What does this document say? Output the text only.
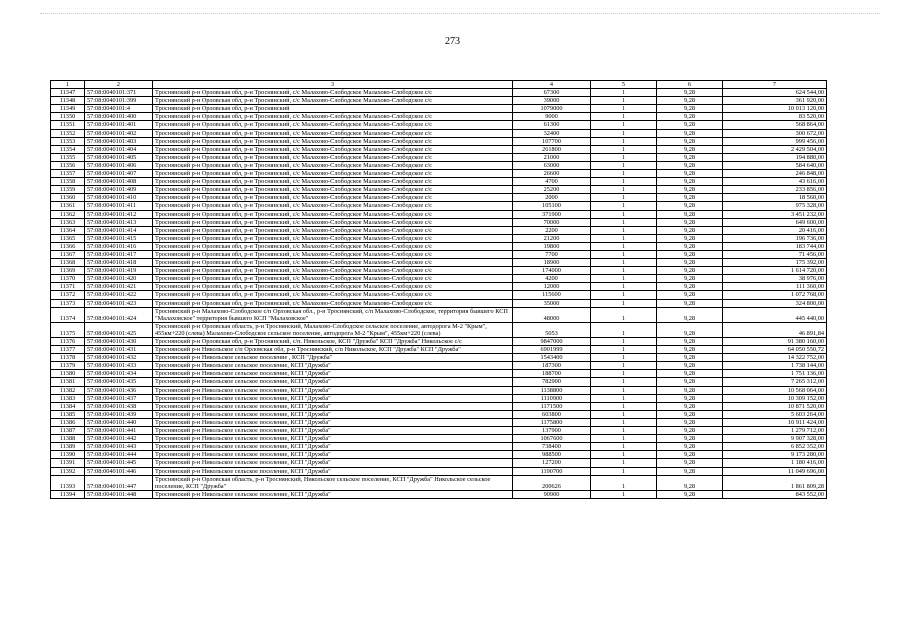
273
1	2	3	4	5	6	7
11347	57:08:0040101:371	Троснянский р-н Орловская обл, р-н Троснянский, с/с Малахово-Слободское Малахово-Слободское с/с	67300	1	9,28	624 544,00
11348	57:08:0040101:399	Троснянский р-н Орловская обл, р-н Троснянский, с/с Малахово-Слободское Малахово-Слободское с/с	39000	1	9,28	361 920,00
11349	57:08:0040101:4	Троснянский р-н Орловская обл, р-н Троснянский	1079000	1	9,28	10 013 120,00
11350	57:08:0040101:400	Троснянский р-н Орловская обл, р-н Троснянский, с/с Малахово-Слободское Малахово-Слободское с/с	9000	1	9,28	83 520,00
11351	57:08:0040101:401	Троснянский р-н Орловская обл, р-н Троснянский, с/с Малахово-Слободское Малахово-Слободское с/с	61300	1	9,28	568 864,00
11352	57:08:0040101:402	Троснянский р-н Орловская обл, р-н Троснянский, с/с Малахово-Слободское Малахово-Слободское с/с	32400	1	9,28	300 672,00
11353	57:08:0040101:403	Троснянский р-н Орловская обл, р-н Троснянский, с/с Малахово-Слободское Малахово-Слободское с/с	107700	1	9,28	999 456,00
11354	57:08:0040101:404	Троснянский р-н Орловская обл, р-н Троснянский, с/с Малахово-Слободское Малахово-Слободское с/с	261800	1	9,28	2 429 504,00
11355	57:08:0040101:405	Троснянский р-н Орловская обл, р-н Троснянский, с/с Малахово-Слободское Малахово-Слободское с/с	21000	1	9,28	194 880,00
11356	57:08:0040101:406	Троснянский р-н Орловская обл, р-н Троснянский, с/с Малахово-Слободское Малахово-Слободское с/с	63000	1	9,28	584 640,00
11357	57:08:0040101:407	Троснянский р-н Орловская обл, р-н Троснянский, с/с Малахово-Слободское Малахово-Слободское с/с	26600	1	9,28	246 848,00
11358	57:08:0040101:408	Троснянский р-н Орловская обл, р-н Троснянский, с/с Малахово-Слободское Малахово-Слободское с/с	4700	1	9,28	43 616,00
11359	57:08:0040101:409	Троснянский р-н Орловская обл, р-н Троснянский, с/с Малахово-Слободское Малахово-Слободское с/с	25200	1	9,28	233 856,00
11360	57:08:0040101:410	Троснянский р-н Орловская обл, р-н Троснянский, с/с Малахово-Слободское Малахово-Слободское с/с	2000	1	9,28	18 560,00
11361	57:08:0040101:411	Троснянский р-н Орловская обл, р-н Троснянский, с/с Малахово-Слободское Малахово-Слободское с/с	105100	1	9,28	975 328,00
11362	57:08:0040101:412	Троснянский р-н Орловская обл, р-н Троснянский, с/с Малахово-Слободское Малахово-Слободское с/с	371900	1	9,28	3 451 232,00
11363	57:08:0040101:413	Троснянский р-н Орловская обл, р-н Троснянский, с/с Малахово-Слободское Малахово-Слободское с/с	70000	1	9,28	649 600,00
11364	57:08:0040101:414	Троснянский р-н Орловская обл, р-н Троснянский, с/с Малахово-Слободское Малахово-Слободское с/с	2200	1	9,28	20 416,00
11365	57:08:0040101:415	Троснянский р-н Орловская обл, р-н Троснянский, с/с Малахово-Слободское Малахово-Слободское с/с	21200	1	9,28	196 736,00
11366	57:08:0040101:416	Троснянский р-н Орловская обл, р-н Троснянский, с/с Малахово-Слободское Малахово-Слободское с/с	19800	1	9,28	183 744,00
11367	57:08:0040101:417	Троснянский р-н Орловская обл, р-н Троснянский, с/с Малахово-Слободское Малахово-Слободское с/с	7700	1	9,28	71 456,00
11368	57:08:0040101:418	Троснянский р-н Орловская обл, р-н Троснянский, с/с Малахово-Слободское Малахово-Слободское с/с	18900	1	9,28	175 392,00
11369	57:08:0040101:419	Троснянский р-н Орловская обл, р-н Троснянский, с/с Малахово-Слободское Малахово-Слободское с/с	174000	1	9,28	1 614 720,00
11370	57:08:0040101:420	Троснянский р-н Орловская обл, р-н Троснянский, с/с Малахово-Слободское Малахово-Слободское с/с	4200	1	9,28	38 976,00
11371	57:08:0040101:421	Троснянский р-н Орловская обл, р-н Троснянский, с/с Малахово-Слободское Малахово-Слободское с/с	12000	1	9,28	111 360,00
11372	57:08:0040101:422	Троснянский р-н Орловская обл, р-н Троснянский, с/с Малахово-Слободское Малахово-Слободское с/с	115600	1	9,28	1 072 768,00
11373	57:08:0040101:423	Троснянский р-н Орловская обл, р-н Троснянский, с/с Малахово-Слободское Малахово-Слободское с/с	35000	1	9,28	324 800,00
11374	57:08:0040101:424	Троснянский р-н Малахово-Слободское с/п Орловская обл., р-н Троснянский, с/п Малахово-Слободское, территория бывшего КСП "Малаховское" территория бывшего КСП "Малаховское"	48000	1	9,28	445 440,00
11375	57:08:0040101:425	Троснянский р-н Орловская область, р-н Троснянский, Малахово-Слободское сельское поселение, автодорога М-2 "Крым", 455км+220 (слева) Малахово-Слободское сельское поселение, автодорога М-2 "Крым", 455км+220 (слева)	5053	1	9,28	46 891,84
11376	57:08:0040101:430	Троснянский р-н Орловская обл, р-н Троснянский, с/п. Никольское, КСП "Дружба" КСП "Дружба" Никольское с/с	9847000	1	9,28	91 380 160,00
11377	57:08:0040101:431	Троснянский р-н Никольское с/п Орловская обл, р-н Троснянский, с/п Никольское, КСП "Дружба" КСП "Дружба"	6901999	1	9,28	64 050 550,72
11378	57:08:0040101:432	Троснянский р-н Никольское сельское поселение , КСП "Дружба"	1543400	1	9,28	14 322 752,00
11379	57:08:0040101:433	Троснянский р-н Никольское сельское поселение, КСП "Дружба"	187300	1	9,28	1 738 144,00
11380	57:08:0040101:434	Троснянский р-н Никольское сельское поселение, КСП "Дружба"	188700	1	9,28	1 751 136,00
11381	57:08:0040101:435	Троснянский р-н Никольское сельское поселение, КСП "Дружба"	782900	1	9,28	7 265 312,00
11382	57:08:0040101:436	Троснянский р-н Никольское сельское поселение, КСП "Дружба"	1138800	1	9,28	10 568 064,00
11383	57:08:0040101:437	Троснянский р-н Никольское сельское поселение, КСП "Дружба"	1110900	1	9,28	10 309 152,00
11384	57:08:0040101:438	Троснянский р-н Никольское сельское поселение, КСП "Дружба"	1171500	1	9,28	10 871 520,00
11385	57:08:0040101:439	Троснянский р-н Никольское сельское поселение, КСП "Дружба"	603800	1	9,28	5 603 264,00
11386	57:08:0040101:440	Троснянский р-н Никольское сельское поселение, КСП "Дружба"	1175800	1	9,28	10 911 424,00
11387	57:08:0040101:441	Троснянский р-н Никольское сельское поселение, КСП "Дружба"	137900	1	9,28	1 279 712,00
11388	57:08:0040101:442	Троснянский р-н Никольское сельское поселение, КСП "Дружба"	1067600	1	9,28	9 907 328,00
11389	57:08:0040101:443	Троснянский р-н Никольское сельское поселение, КСП "Дружба"	738400	1	9,28	6 852 352,00
11390	57:08:0040101:444	Троснянский р-н Никольское сельское поселение, КСП "Дружба"	988500	1	9,28	9 173 280,00
11391	57:08:0040101:445	Троснянский р-н Никольское сельское поселение, КСП "Дружба"	127200	1	9,28	1 180 416,00
11392	57:08:0040101:446	Троснянский р-н Никольское сельское поселение, КСП "Дружба"	1190700	1	9,28	11 049 696,00
11393	57:08:0040101:447	Троснянский р-н Орловская область, р-н Троснянский, Никольское сельское поселение, КСП "Дружба" Никольское сельское поселение, КСП "Дружба"	200626	1	9,28	1 861 809,28
11394	57:08:0040101:448	Троснянский р-н Никольское сельское поселение, КСП "Дружба"	90900	1	9,28	843 552,00
